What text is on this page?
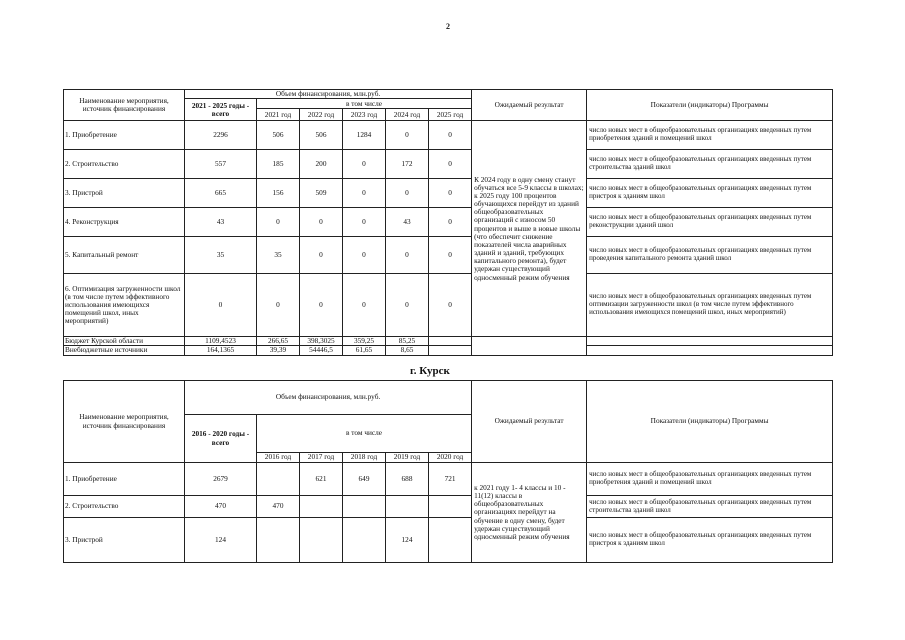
2
Наименование мероприятия, источник финансирования	Объем финансирования, млн.руб.						Ожидаемый результат	Показатели (индикаторы) Программы
	2021 - 2025 годы - всего	в том числе						
		2021 год	2022 год	2023 год	2024 год	2025 год		
1. Приобретение	2296	506	506	1284	0	0	К 2024 году в одну смену станут обучаться все 5-9 классы в школах; к 2025 году 100 процентов обучающихся перейдут из зданий общеобразовательных организаций с износом 50 процентов и выше в новые школы (что обеспечит снижение показателей числа аварийных зданий и зданий, требующих капитального ремонта), будет удержан существующий односменный режим обучения	число новых мест в общеобразовательных организациях введенных путем приобретения зданий и помещений школ
2. Строительство	557	185	200	0	172	0		число новых мест в общеобразовательных организациях введенных путем строительства зданий школ
3. Пристрой	665	156	509	0	0	0		число новых мест в общеобразовательных организациях введенных путем пристроя к зданиям школ
4. Реконструкция	43	0	0	0	43	0		число новых мест в общеобразовательных организациях введенных путем реконструкции зданий школ
5. Капитальный ремонт	35	35	0	0	0	0		число новых мест в общеобразовательных организациях введенных путем проведения капитального ремонта зданий школ
6. Оптимизация загруженности школ (в том числе путем эффективного использования имеющихся помещений школ, иных мероприятий)	0	0	0	0	0	0		число новых мест в общеобразовательных организациях введенных путем оптимизации загруженности школ (в том числе путем эффективного использования имеющихся помещений школ, иных мероприятий)
Бюджет Курской области	1109,4523	266,65	398,3025	359,25	85,25			
Внебюджетные источники	164,1365	39,39	54446,5	61,65	8,65			
г. Курск
Наименование мероприятия, источник финансирования	Объем финансирования, млн.руб.						Ожидаемый результат	Показатели (индикаторы) Программы
	2016 - 2020 годы - всего	в том числе						
		2016 год	2017 год	2018 год	2019 год	2020 год		
1. Приобретение	2679		621	649	688	721	к 2021 году 1- 4 классы и 10 - 11(12) классы в общеобразовательных организациях перейдут на обучение в одну смену, будет удержан существующий односменный режим обучения	число новых мест в общеобразовательных организациях введенных путем приобретения зданий и помещений школ
2. Строительство	470	470						число новых мест в общеобразовательных организациях введенных путем строительства зданий школ
3. Пристрой	124				124			число новых мест в общеобразовательных организациях введенных путем пристроя к зданиям школ
